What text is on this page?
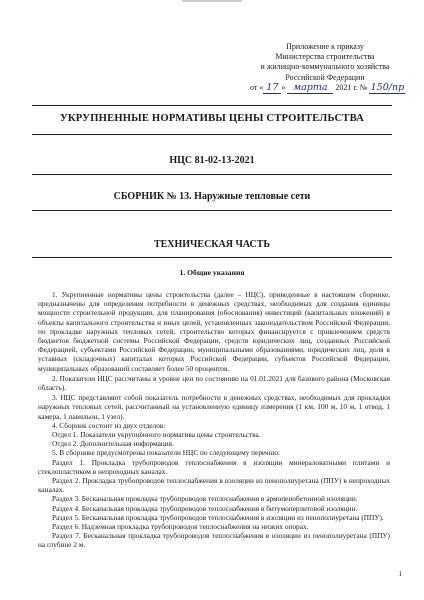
Приложение к приказу
Министерства строительства
и жилищно-коммунального хозяйства
Российской Федерации
от « 17 » марта 2021 г. № 150/пр
УКРУПНЕННЫЕ НОРМАТИВЫ ЦЕНЫ СТРОИТЕЛЬСТВА
НЦС 81-02-13-2021
СБОРНИК № 13. Наружные тепловые сети
ТЕХНИЧЕСКАЯ ЧАСТЬ
1. Общие указания

1. Укрупненные нормативы цены строительства (далее – НЦС), приведенные в настоящем сборнике, предназначены для определения потребности в денежных средствах, необходимых для создания единицы мощности строительной продукции, для планирования (обоснования) инвестиций (капитальных вложений) в объекты капитального строительства и иных целей, установленных законодательством Российской Федерации, по прокладке наружных тепловых сетей, строительство которых финансируется с привлечением средств бюджетов бюджетной системы Российской Федерации, средств юридических лиц, созданных Российской Федерацией, субъектами Российской Федерации, муниципальными образованиями, юридических лиц, доля в уставных (складочных) капиталах которых Российской Федерации, субъектов Российской Федерации, муниципальных образований составляет более 50 процентов.

2. Показатели НЦС рассчитаны в уровне цен по состоянию на 01.01.2021 для базового района (Московская область).

3. НЦС представляют собой показатель потребности в денежных средствах, необходимых для прокладки наружных тепловых сетей, рассчитанный на установленную единицу измерения (1 км, 100 м, 10 м, 1 отвод, 1 камера, 1 павильон, 1 узел).

4. Сборник состоит из двух отделов:

Отдел 1. Показатели укрупнённого норматива цены строительства.

Отдел 2. Дополнительная информация.

5. В сборнике предусмотрены показатели НЦС по следующему перечню:

Раздел 1. Прокладка трубопроводов теплоснабжения в изоляции минераловатными плитами и стеклопластиком в непроходных каналах.

Раздел 2. Прокладка трубопроводов теплоснабжения в изоляции из пенополиуретана (ППУ) в непроходных каналах.

Раздел 3. Бесканальная прокладка трубопроводов теплоснабжения в армопенобетонной изоляции.

Раздел 4. Бесканальная прокладка трубопроводов теплоснабжения в битумоперлитовой изоляции.

Раздел 5. Бесканальная прокладка трубопроводов теплоснабжения в изоляции из пенополиуретана (ППУ).

Раздел 6. Надземная прокладка трубопроводов теплоснабжения на низких опорах.

Раздел 7. Бесканальная прокладка трубопроводов теплоснабжения в изоляции из пенополиуретана (ППУ) на глубине 2 м.

1
